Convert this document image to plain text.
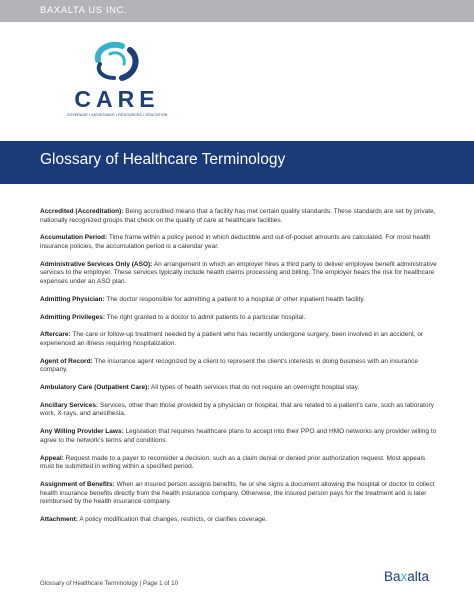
BAXALTA US INC.
CARE
COVERAGE • ASSISTANCE • RESOURCES • EDUCATION
Glossary of Healthcare Terminology

Accredited (Accreditation): Being accredited means that a facility has met certain quality standards. These standards are set by private, nationally recognized groups that check on the quality of care at healthcare facilities.

Accumulation Period: Time frame within a policy period in which deductible and out-of-pocket amounts are calculated. For most health insurance policies, the accumulation period is a calendar year.

Administrative Services Only (ASO): An arrangement in which an employer hires a third party to deliver employee benefit administrative services to the employer. These services typically include health claims processing and billing. The employer bears the risk for healthcare expenses under an ASO plan.

Admitting Physician: The doctor responsible for admitting a patient to a hospital or other inpatient health facility.

Admitting Privileges: The right granted to a doctor to admit patients to a particular hospital.

Aftercare: The care or follow-up treatment needed by a patient who has recently undergone surgery, been involved in an accident, or experienced an illness requiring hospitalization.

Agent of Record: The insurance agent recognized by a client to represent the client's interests in doing business with an insurance company.

Ambulatory Care (Outpatient Care): All types of health services that do not require an overnight hospital stay.

Ancillary Services: Services, other than those provided by a physician or hospital, that are related to a patient's care, such as laboratory work, X-rays, and anesthesia.

Any Willing Provider Laws: Legislation that requires healthcare plans to accept into their PPO and HMO networks any provider willing to agree to the network's terms and conditions.

Appeal: Request made to a payer to reconsider a decision, such as a claim denial or denied prior authorization request. Most appeals must be submitted in writing within a specified period.

Assignment of Benefits: When an insured person assigns benefits, he or she signs a document allowing the hospital or doctor to collect health insurance benefits directly from the health insurance company. Otherwise, the insured person pays for the treatment and is later reimbursed by the health insurance company.

Attachment: A policy modification that changes, restricts, or clarifies coverage.

Glossary of Healthcare Terminology | Page 1 of 10	Baxalta
